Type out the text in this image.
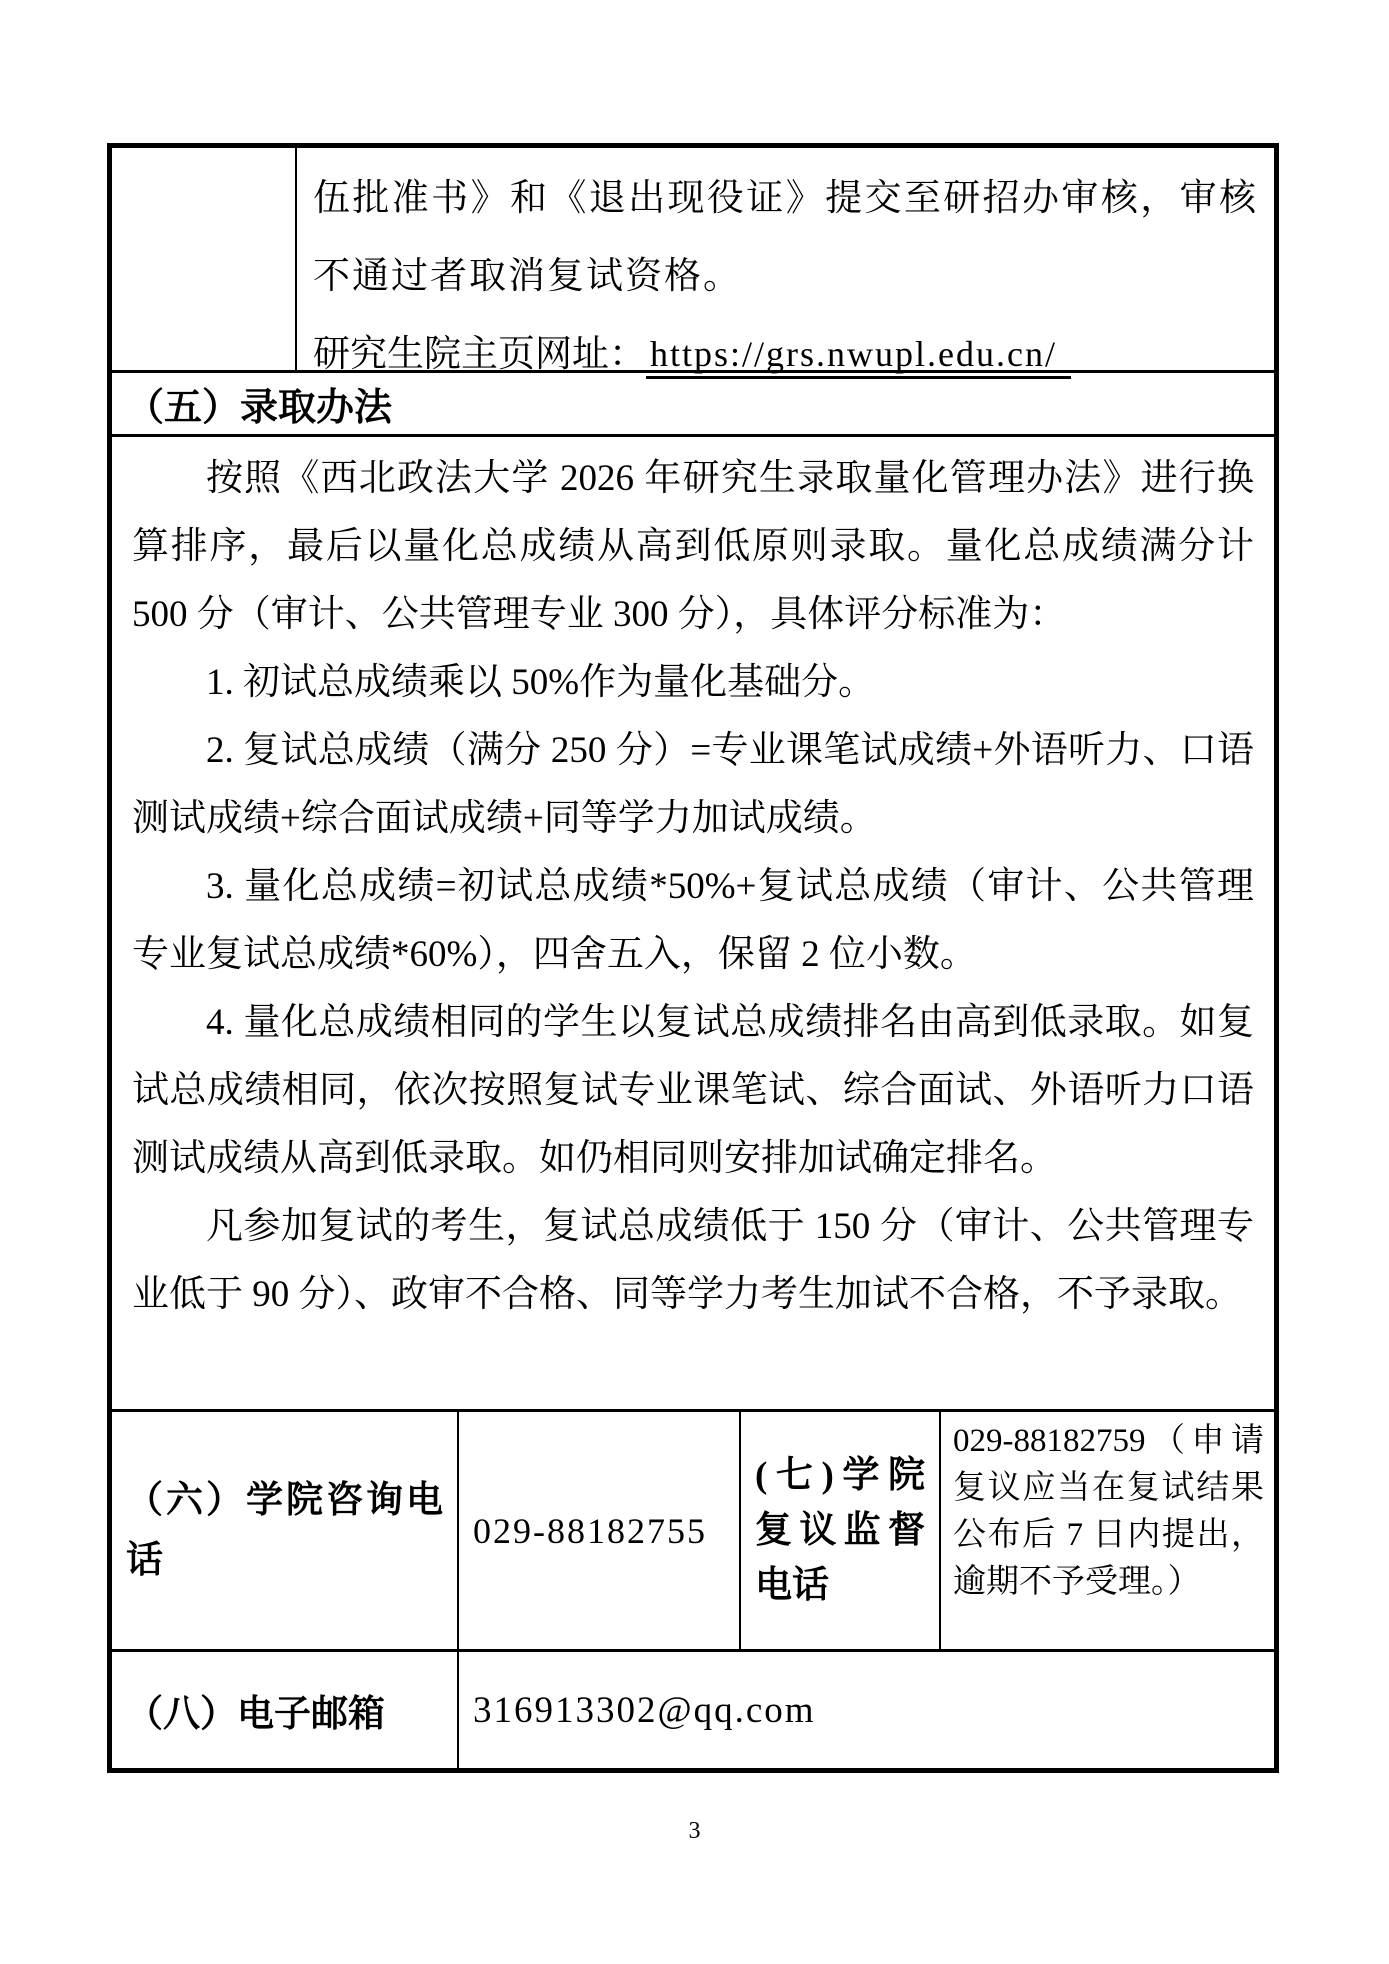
伍批准书》和《退出现役证》提交至研招办审核，审核不通过者取消复试资格。

研究生院主页网址： https://grs.nwupl.edu.cn/
（五）录取办法

按照《西北政法大学 2026 年研究生录取量化管理办法》进行换算排序，最后以量化总成绩从高到低原则录取。量化总成绩满分计 500 分（审计、公共管理专业 300 分），具体评分标准为：

1. 初试总成绩乘以 50%作为量化基础分。

2. 复试总成绩（满分 250 分）=专业课笔试成绩+外语听力、口语测试成绩+综合面试成绩+同等学力加试成绩。

3. 量化总成绩=初试总成绩*50%+复试总成绩（审计、公共管理专业复试总成绩*60%），四舍五入，保留 2 位小数。

4. 量化总成绩相同的学生以复试总成绩排名由高到低录取。如复试总成绩相同，依次按照复试专业课笔试、综合面试、外语听力口语测试成绩从高到低录取。如仍相同则安排加试确定排名。

凡参加复试的考生，复试总成绩低于 150 分（审计、公共管理专业低于 90 分）、政审不合格、同等学力考生加试不合格，不予录取。

（六）学院咨询电话
029-88182755
(七)学院复议监督电话
029-88182759（申请复议应当在复试结果公布后 7 日内提出，逾期不予受理。）
（八）电子邮箱	316913302@qq.com
3
